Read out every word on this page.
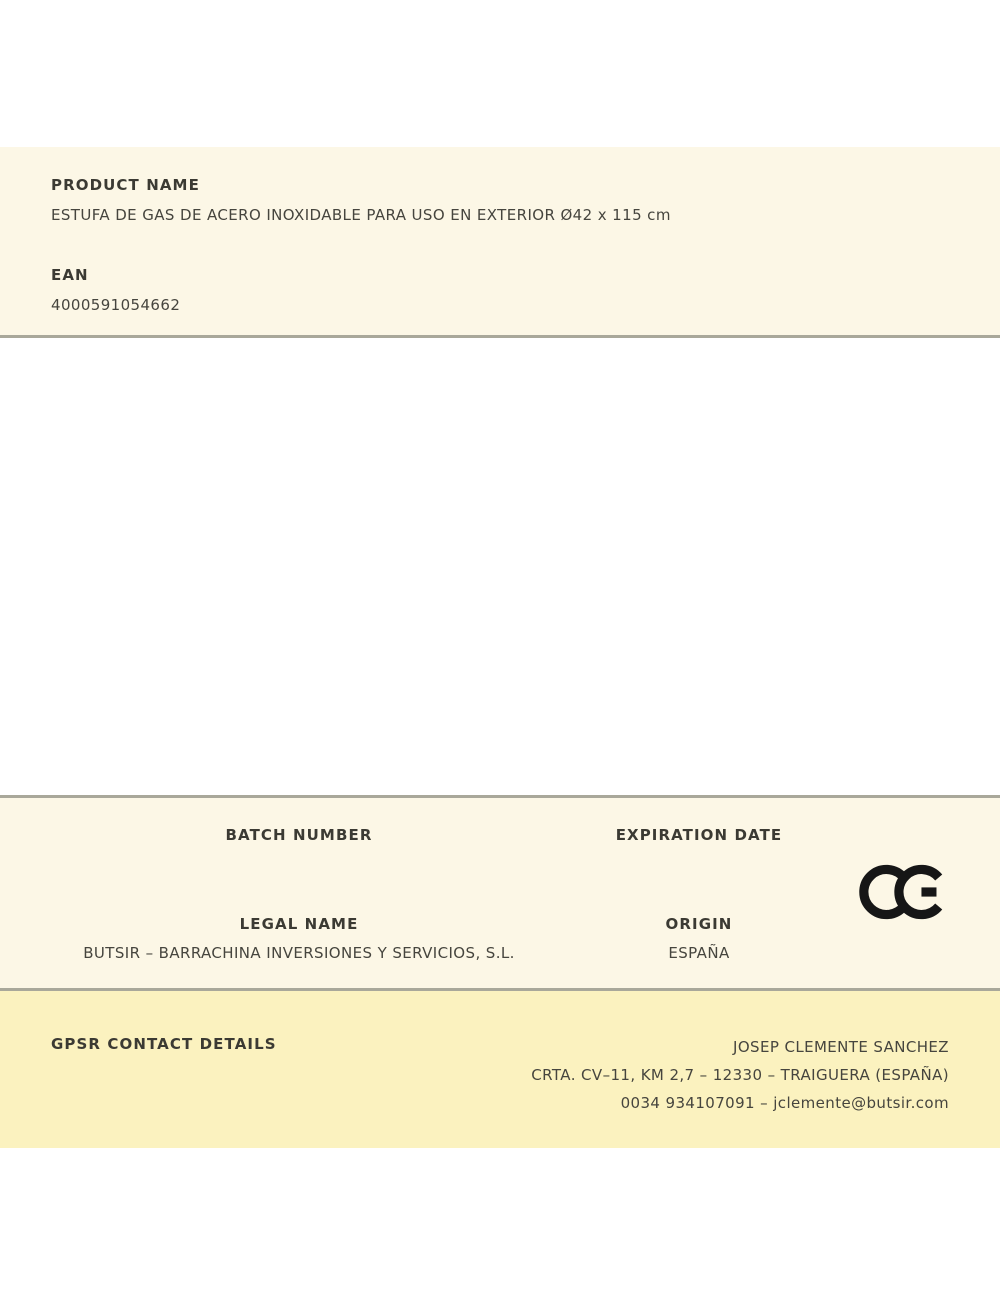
PRODUCT NAME
ESTUFA DE GAS DE ACERO INOXIDABLE PARA USO EN EXTERIOR Ø42 x 115 cm
EAN
4000591054662
BATCH NUMBER	EXPIRATION DATE
LEGAL NAME
BUTSIR – BARRACHINA INVERSIONES Y SERVICIOS, S.L.
ORIGIN
ESPAÑA
GPSR CONTACT DETAILS	JOSEP CLEMENTE SANCHEZ
CRTA. CV–11, KM 2,7 – 12330 – TRAIGUERA (ESPAÑA)
0034 934107091 – jclemente@butsir.com
